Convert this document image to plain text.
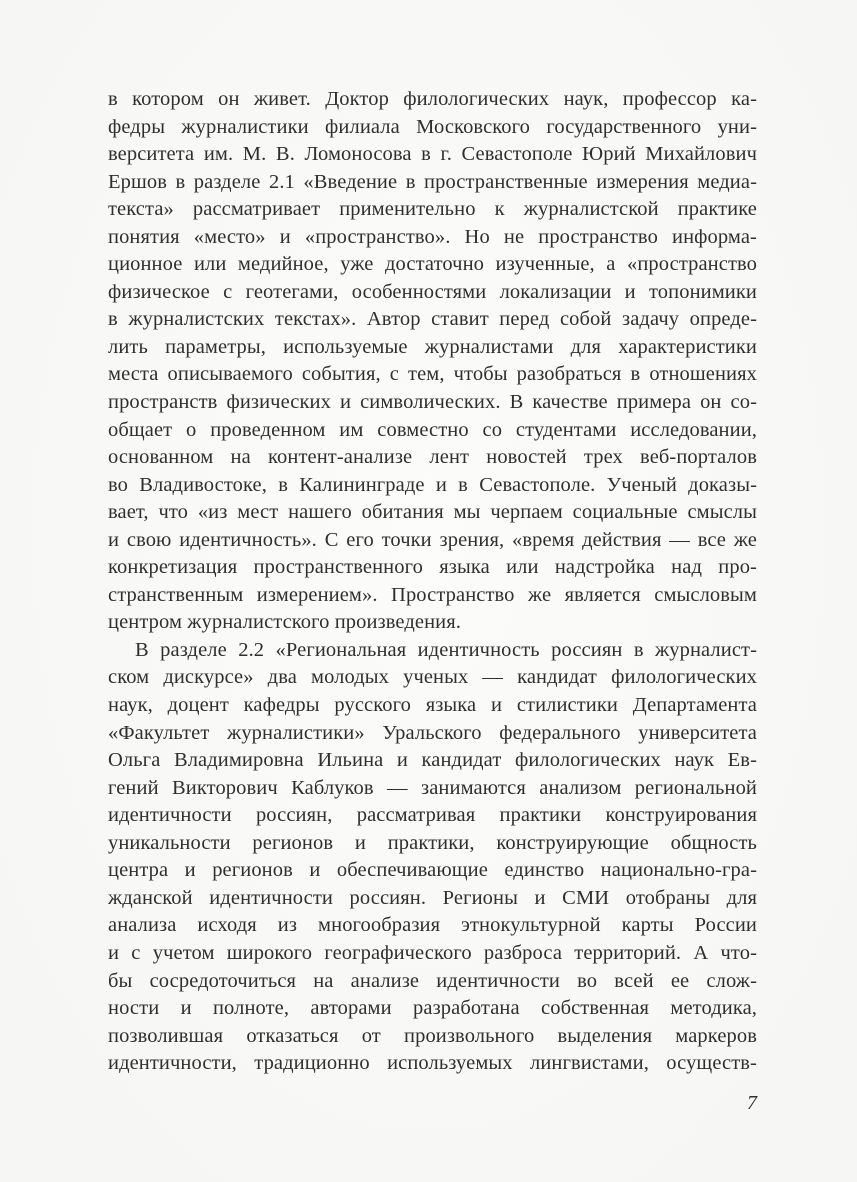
в котором он живет. Доктор филологических наук, профессор ка-
федры журналистики филиала Московского государственного уни-
верситета им. М. В. Ломоносова в г. Севастополе Юрий Михайлович
Ершов в разделе 2.1 «Введение в пространственные измерения медиа-
текста» рассматривает применительно к журналистской практике
понятия «место» и «пространство». Но не пространство информа-
ционное или медийное, уже достаточно изученные, а «пространство
физическое с геотегами, особенностями локализации и топонимики
в журналистских текстах». Автор ставит перед собой задачу опреде-
лить параметры, используемые журналистами для характеристики
места описываемого события, с тем, чтобы разобраться в отношениях
пространств физических и символических. В качестве примера он со-
общает о проведенном им совместно со студентами исследовании,
основанном на контент-анализе лент новостей трех веб-порталов
во Владивостоке, в Калининграде и в Севастополе. Ученый доказы-
вает, что «из мест нашего обитания мы черпаем социальные смыслы
и свою идентичность». С его точки зрения, «время действия — все же
конкретизация пространственного языка или надстройка над про-
странственным измерением». Пространство же является смысловым
центром журналистского произведения.
В разделе 2.2 «Региональная идентичность россиян в журналист-
ском дискурсе» два молодых ученых — кандидат филологических
наук, доцент кафедры русского языка и стилистики Департамента
«Факультет журналистики» Уральского федерального университета
Ольга Владимировна Ильина и кандидат филологических наук Ев-
гений Викторович Каблуков — занимаются анализом региональной
идентичности россиян, рассматривая практики конструирования
уникальности регионов и практики, конструирующие общность
центра и регионов и обеспечивающие единство национально-гра-
жданской идентичности россиян. Регионы и СМИ отобраны для
анализа исходя из многообразия этнокультурной карты России
и с учетом широкого географического разброса территорий. А что-
бы сосредоточиться на анализе идентичности во всей ее слож-
ности и полноте, авторами разработана собственная методика,
позволившая отказаться от произвольного выделения маркеров
идентичности, традиционно используемых лингвистами, осуществ-
7
